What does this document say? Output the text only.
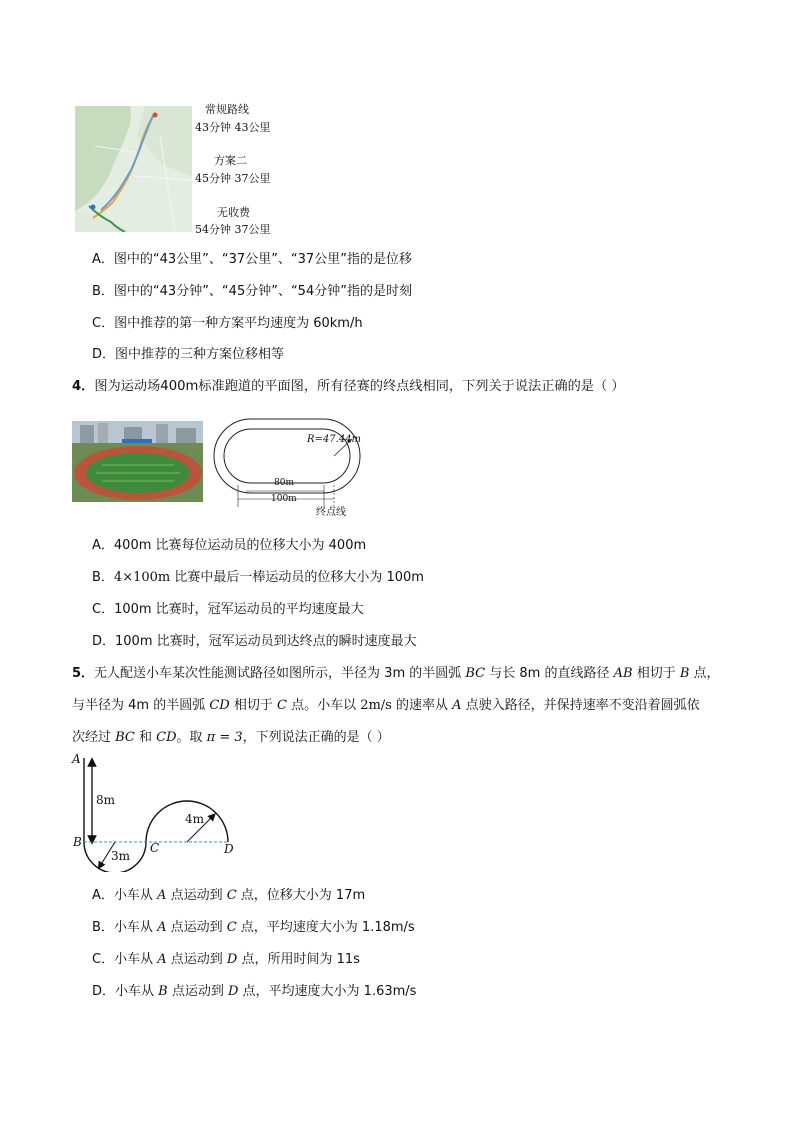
常规路线
43分钟 43公里
方案二
45分钟 37公里
无收费
54分钟 37公里
A．图中的“43公里”、“37公里”、“37公里”指的是位移
B．图中的“43分钟”、“45分钟”、“54分钟”指的是时刻
C．图中推荐的第一种方案平均速度为 60km/h
D．图中推荐的三种方案位移相等
4．图为运动场400m标准跑道的平面图，所有径赛的终点线相同，下列关于说法正确的是（ ）
R=47.44m
80m
100m
终点线
A．400m 比赛每位运动员的位移大小为 400m
B．4×100m 比赛中最后一棒运动员的位移大小为 100m
C．100m 比赛时，冠军运动员的平均速度最大
D．100m 比赛时，冠军运动员到达终点的瞬时速度最大
5．无人配送小车某次性能测试路径如图所示，半径为 3m 的半圆弧 BC 与长 8m 的直线路径 AB 相切于 B 点，
与半径为 4m 的半圆弧 CD 相切于 C 点。小车以 2m/s 的速率从 A 点驶入路径，并保持速率不变沿着圆弧依
次经过 BC 和 CD。取 π = 3，下列说法正确的是（ ）
A
8m
B
3m
C
4m
D
A．小车从 A 点运动到 C 点，位移大小为 17m
B．小车从 A 点运动到 C 点，平均速度大小为 1.18m/s
C．小车从 A 点运动到 D 点，所用时间为 11s
D．小车从 B 点运动到 D 点，平均速度大小为 1.63m/s
